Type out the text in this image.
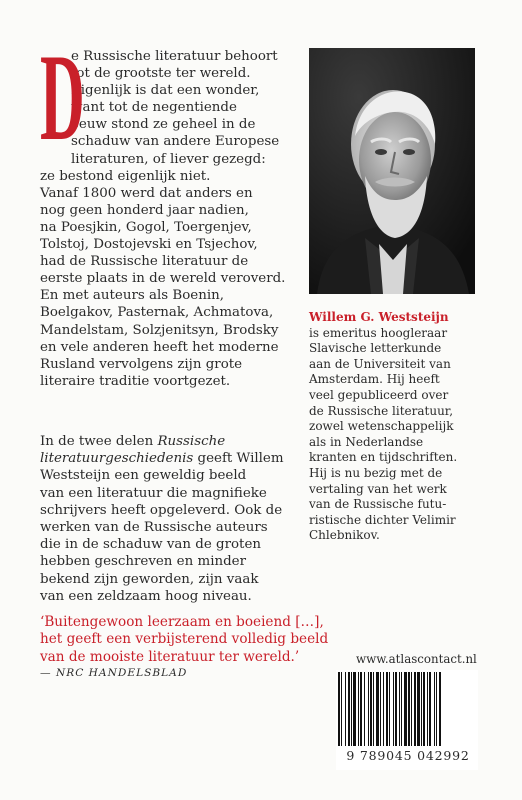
D
e Russische literatuur behoort
tot de grootste ter wereld.
Eigenlijk is dat een wonder,
want tot de negentiende
eeuw stond ze geheel in de
schaduw van andere Europese
literaturen, of liever gezegd:
ze bestond eigenlijk niet.
Vanaf 1800 werd dat anders en
nog geen honderd jaar nadien,
na Poesjkin, Gogol, Toergenjev,
Tolstoj, Dostojevski en Tsjechov,
had de Russische literatuur de
eerste plaats in de wereld veroverd.
En met auteurs als Boenin,
Boelgakov, Pasternak, Achmatova,
Mandelstam, Solzjenitsyn, Brodsky
en vele anderen heeft het moderne
Rusland vervolgens zijn grote
literaire traditie voortgezet.
In de twee delen Russische
literatuurgeschiedenis geeft Willem
Weststeijn een geweldig beeld
van een literatuur die magnifieke
schrijvers heeft opgeleverd. Ook de
werken van de Russische auteurs
die in de schaduw van de groten
hebben geschreven en minder
bekend zijn geworden, zijn vaak
van een zeldzaam hoog niveau.
Willem G. Weststeijn
is emeritus hoogleraar
Slavische letterkunde
aan de Universiteit van
Amsterdam. Hij heeft
veel gepubliceerd over
de Russische literatuur,
zowel wetenschappelijk
als in Nederlandse
kranten en tijdschriften.
Hij is nu bezig met de
vertaling van het werk
van de Russische futu-
ristische dichter Velimir
Chlebnikov.
‘Buitengewoon leerzaam en boeiend […],
het geeft een verbijsterend volledig beeld
van de mooiste literatuur ter wereld.’
— NRC HANDELSBLAD
www.atlascontact.nl
9 789045 042992
